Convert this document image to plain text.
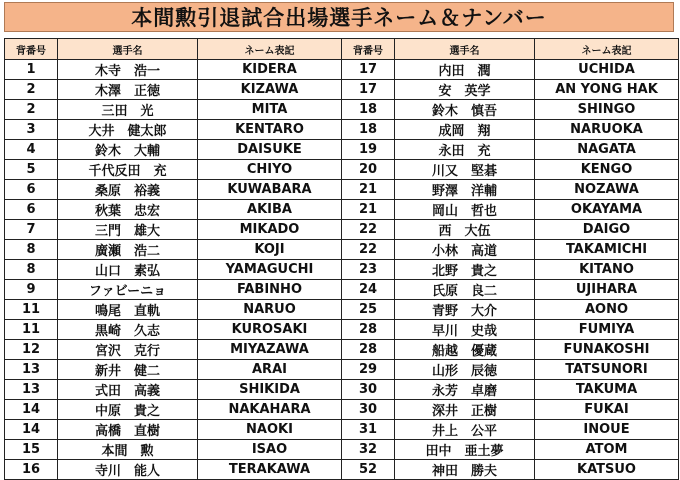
本間勲引退試合出場選手ネーム＆ナンバー
背番号	選手名	ネーム表記	背番号	選手名	ネーム表記
1	木寺　浩一	KIDERA	17	内田　潤	UCHIDA
2	木澤　正徳	KIZAWA	17	安　英学	AN YONG HAK
2	三田　光	MITA	18	鈴木　慎吾	SHINGO
3	大井　健太郎	KENTARO	18	成岡　翔	NARUOKA
4	鈴木　大輔	DAISUKE	19	永田　充	NAGATA
5	千代反田　充	CHIYO	20	川又　堅碁	KENGO
6	桑原　裕義	KUWABARA	21	野澤　洋輔	NOZAWA
6	秋葉　忠宏	AKIBA	21	岡山　哲也	OKAYAMA
7	三門　雄大	MIKADO	22	西　大伍	DAIGO
8	廣瀬　浩二	KOJI	22	小林　高道	TAKAMICHI
8	山口　素弘	YAMAGUCHI	23	北野　貴之	KITANO
9	ファビーニョ	FABINHO	24	氏原　良二	UJIHARA
11	鳴尾　直軌	NARUO	25	青野　大介	AONO
11	黒崎　久志	KUROSAKI	28	早川　史哉	FUMIYA
12	宮沢　克行	MIYAZAWA	28	船越　優蔵	FUNAKOSHI
13	新井　健二	ARAI	29	山形　辰徳	TATSUNORI
13	式田　高義	SHIKIDA	30	永芳　卓磨	TAKUMA
14	中原　貴之	NAKAHARA	30	深井　正樹	FUKAI
14	高橋　直樹	NAOKI	31	井上　公平	INOUE
15	本間　勲	ISAO	32	田中　亜土夢	ATOM
16	寺川　能人	TERAKAWA	52	神田　勝夫	KATSUO
